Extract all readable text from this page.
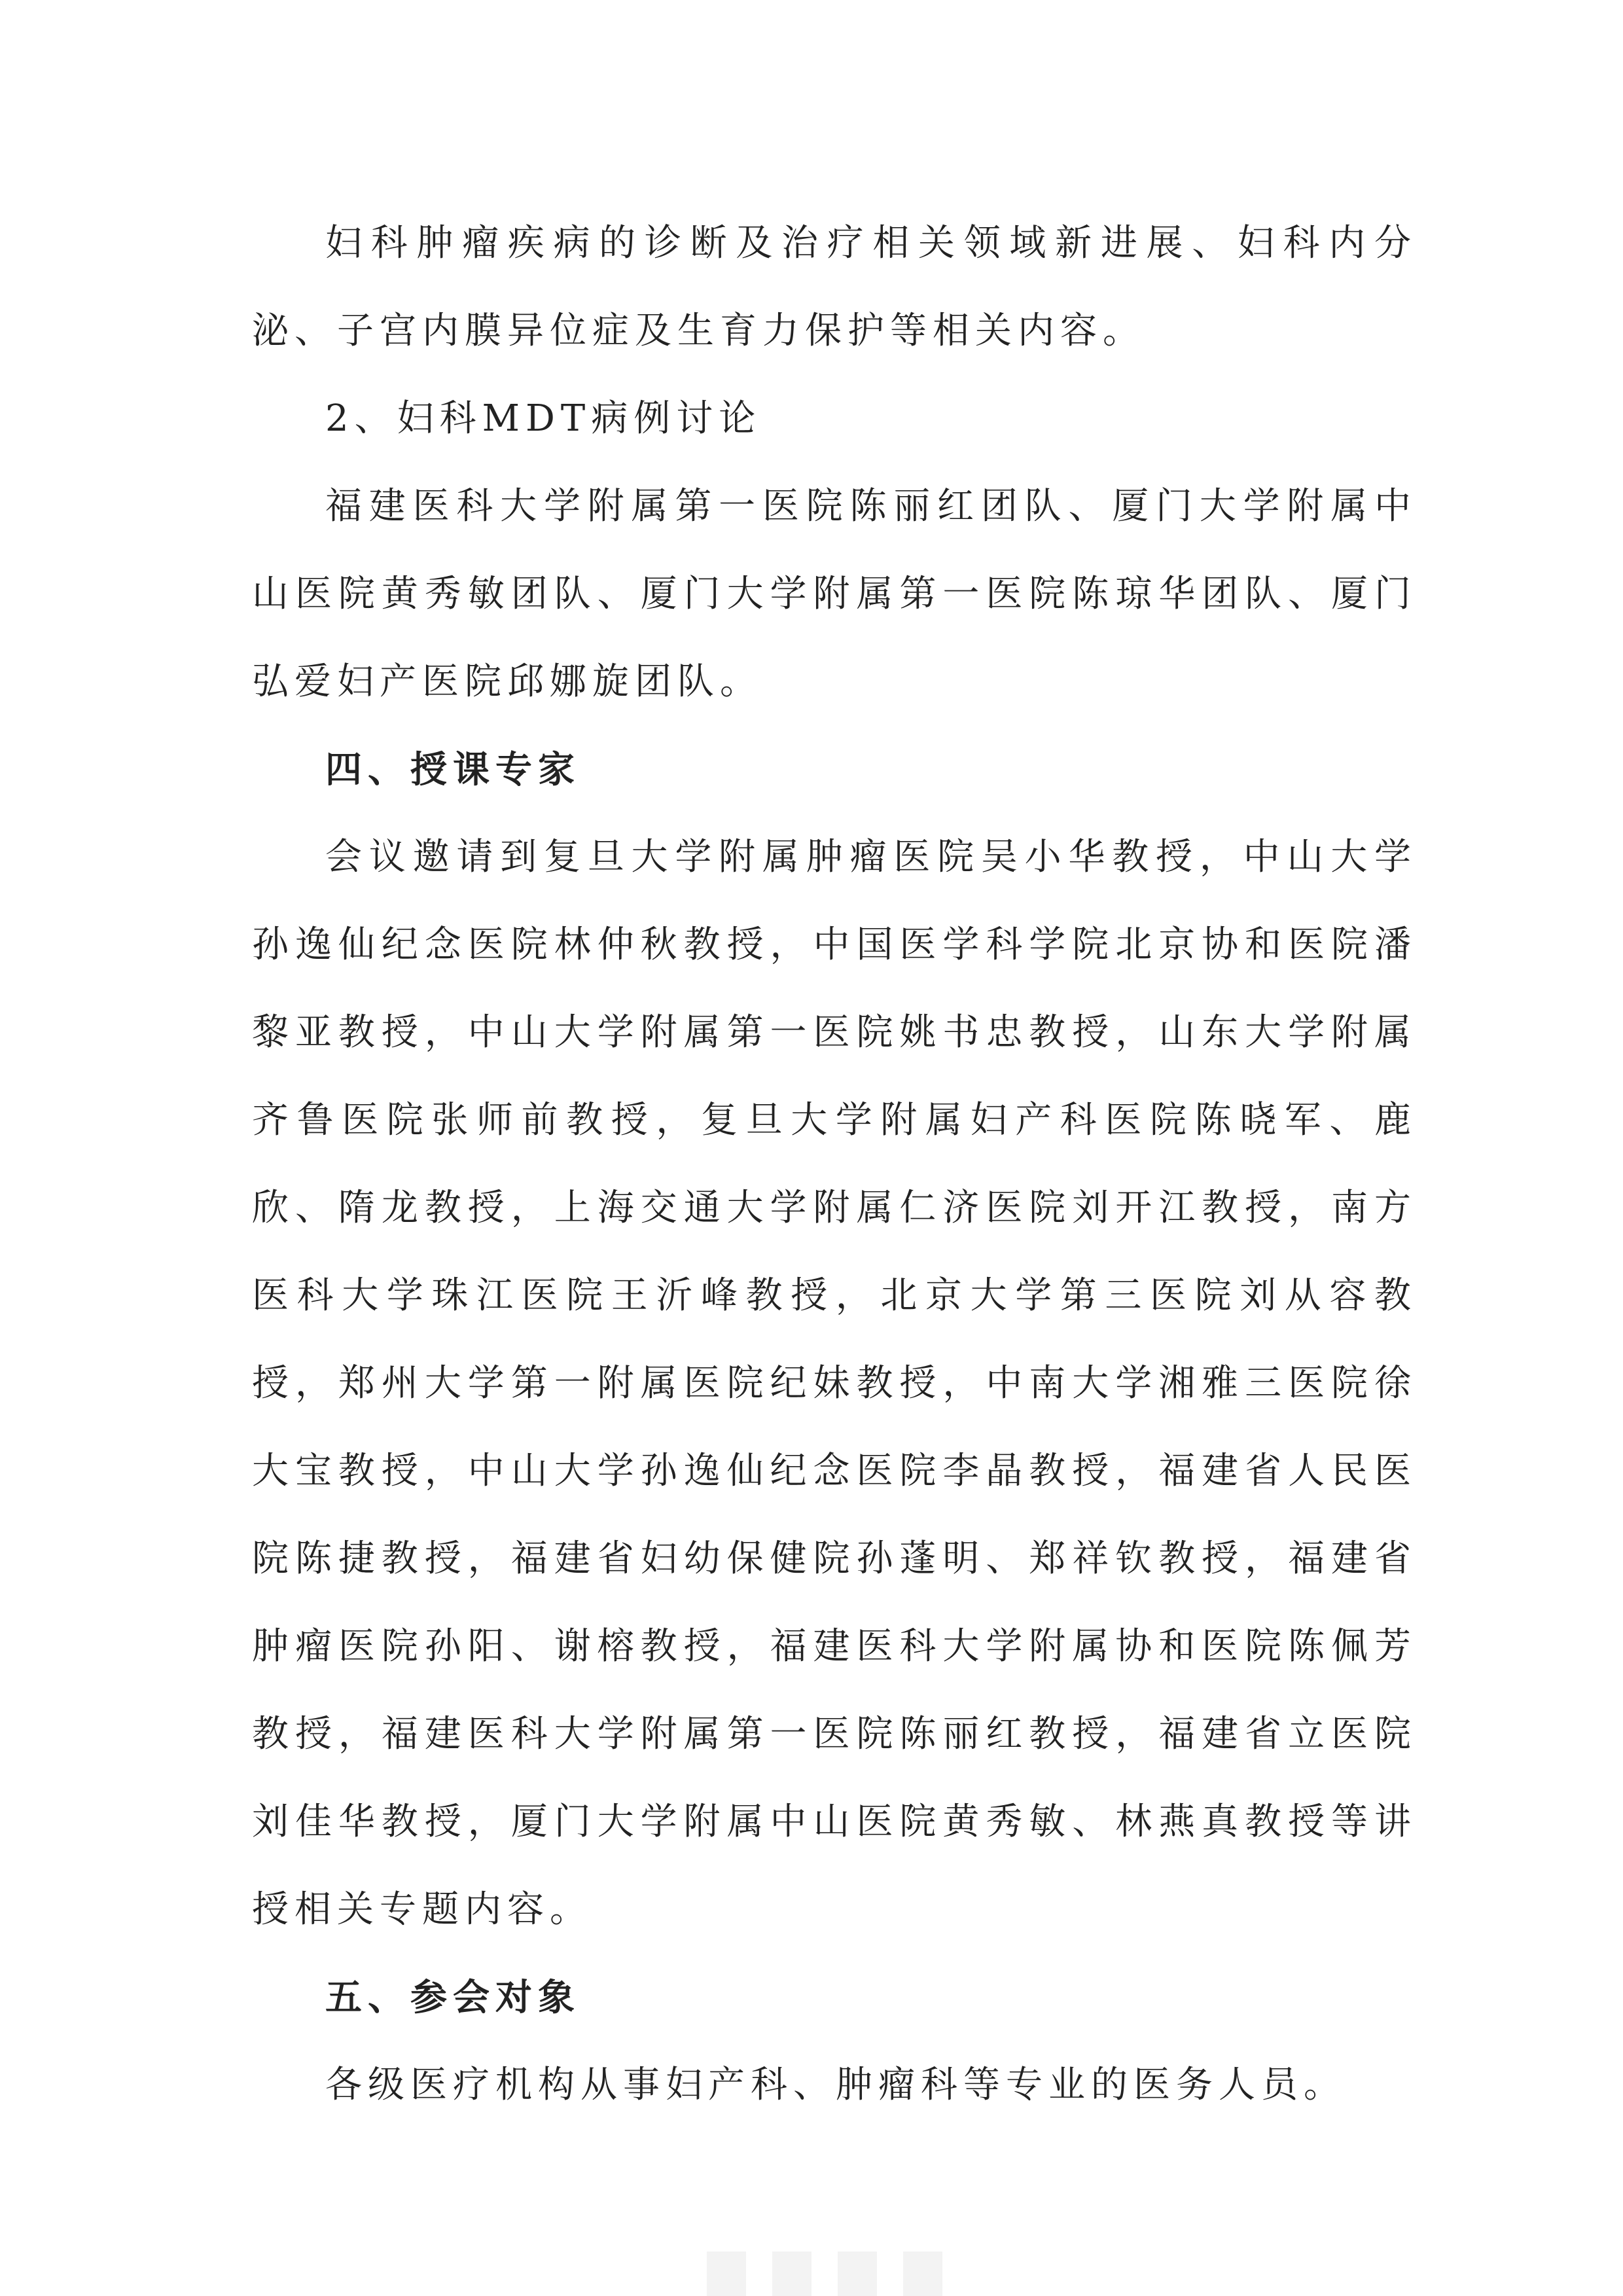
妇科肿瘤疾病的诊断及治疗相关领域新进展、妇科内分泌、子宫内膜异位症及生育力保护等相关内容。

2、妇科MDT病例讨论

福建医科大学附属第一医院陈丽红团队、厦门大学附属中山医院黄秀敏团队、厦门大学附属第一医院陈琼华团队、厦门弘爱妇产医院邱娜旋团队。

四、授课专家

会议邀请到复旦大学附属肿瘤医院吴小华教授，中山大学孙逸仙纪念医院林仲秋教授，中国医学科学院北京协和医院潘黎亚教授，中山大学附属第一医院姚书忠教授，山东大学附属齐鲁医院张师前教授，复旦大学附属妇产科医院陈晓军、鹿欣、隋龙教授，上海交通大学附属仁济医院刘开江教授，南方医科大学珠江医院王沂峰教授，北京大学第三医院刘从容教授，郑州大学第一附属医院纪妹教授，中南大学湘雅三医院徐大宝教授，中山大学孙逸仙纪念医院李晶教授，福建省人民医院陈捷教授，福建省妇幼保健院孙蓬明、郑祥钦教授，福建省肿瘤医院孙阳、谢榕教授，福建医科大学附属协和医院陈佩芳教授，福建医科大学附属第一医院陈丽红教授，福建省立医院刘佳华教授，厦门大学附属中山医院黄秀敏、林燕真教授等讲授相关专题内容。

五、参会对象

各级医疗机构从事妇产科、肿瘤科等专业的医务人员。
